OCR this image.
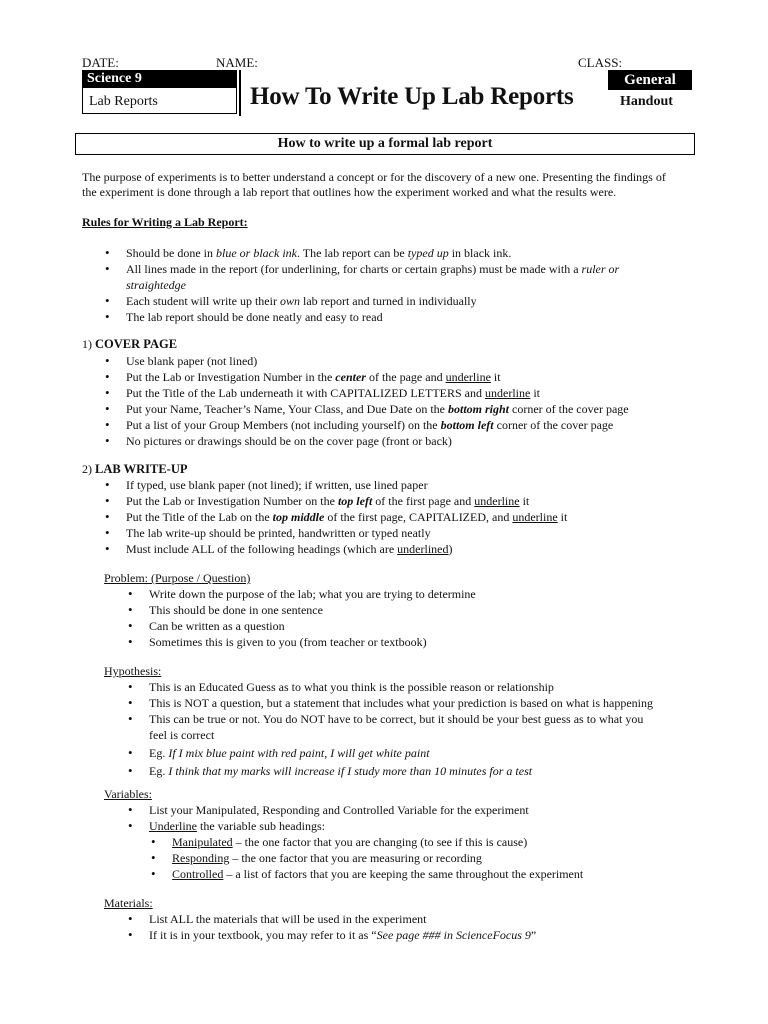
DATE:	NAME:	CLASS:
Science 9
Lab Reports	How To Write Up Lab Reports
General
Handout
How to write up a formal lab report
The purpose of experiments is to better understand a concept or for the discovery of a new one. Presenting the findings of the experiment is done through a lab report that outlines how the experiment worked and what the results were.
Rules for Writing a Lab Report:
• Should be done in blue or black ink. The lab report can be typed up in black ink.
• All lines made in the report (for underlining, for charts or certain graphs) must be made with a ruler or
straightedge
• Each student will write up their own lab report and turned in individually
• The lab report should be done neatly and easy to read
1) COVER PAGE
• Use blank paper (not lined)
• Put the Lab or Investigation Number in the center of the page and underline it
• Put the Title of the Lab underneath it with CAPITALIZED LETTERS and underline it
• Put your Name, Teacher’s Name, Your Class, and Due Date on the bottom right corner of the cover page
• Put a list of your Group Members (not including yourself) on the bottom left corner of the cover page
• No pictures or drawings should be on the cover page (front or back)
2) LAB WRITE-UP
• If typed, use blank paper (not lined); if written, use lined paper
• Put the Lab or Investigation Number on the top left of the first page and underline it
• Put the Title of the Lab on the top middle of the first page, CAPITALIZED, and underline it
• The lab write-up should be printed, handwritten or typed neatly
• Must include ALL of the following headings (which are underlined)
Problem: (Purpose / Question)
• Write down the purpose of the lab; what you are trying to determine
• This should be done in one sentence
• Can be written as a question
• Sometimes this is given to you (from teacher or textbook)
Hypothesis:
• This is an Educated Guess as to what you think is the possible reason or relationship
• This is NOT a question, but a statement that includes what your prediction is based on what is happening
• This can be true or not. You do NOT have to be correct, but it should be your best guess as to what you
feel is correct
• Eg. If I mix blue paint with red paint, I will get white paint
• Eg. I think that my marks will increase if I study more than 10 minutes for a test
Variables:
• List your Manipulated, Responding and Controlled Variable for the experiment
• Underline the variable sub headings:
• Manipulated – the one factor that you are changing (to see if this is cause)
• Responding – the one factor that you are measuring or recording
• Controlled – a list of factors that you are keeping the same throughout the experiment
Materials:
• List ALL the materials that will be used in the experiment
• If it is in your textbook, you may refer to it as “See page ### in ScienceFocus 9”
